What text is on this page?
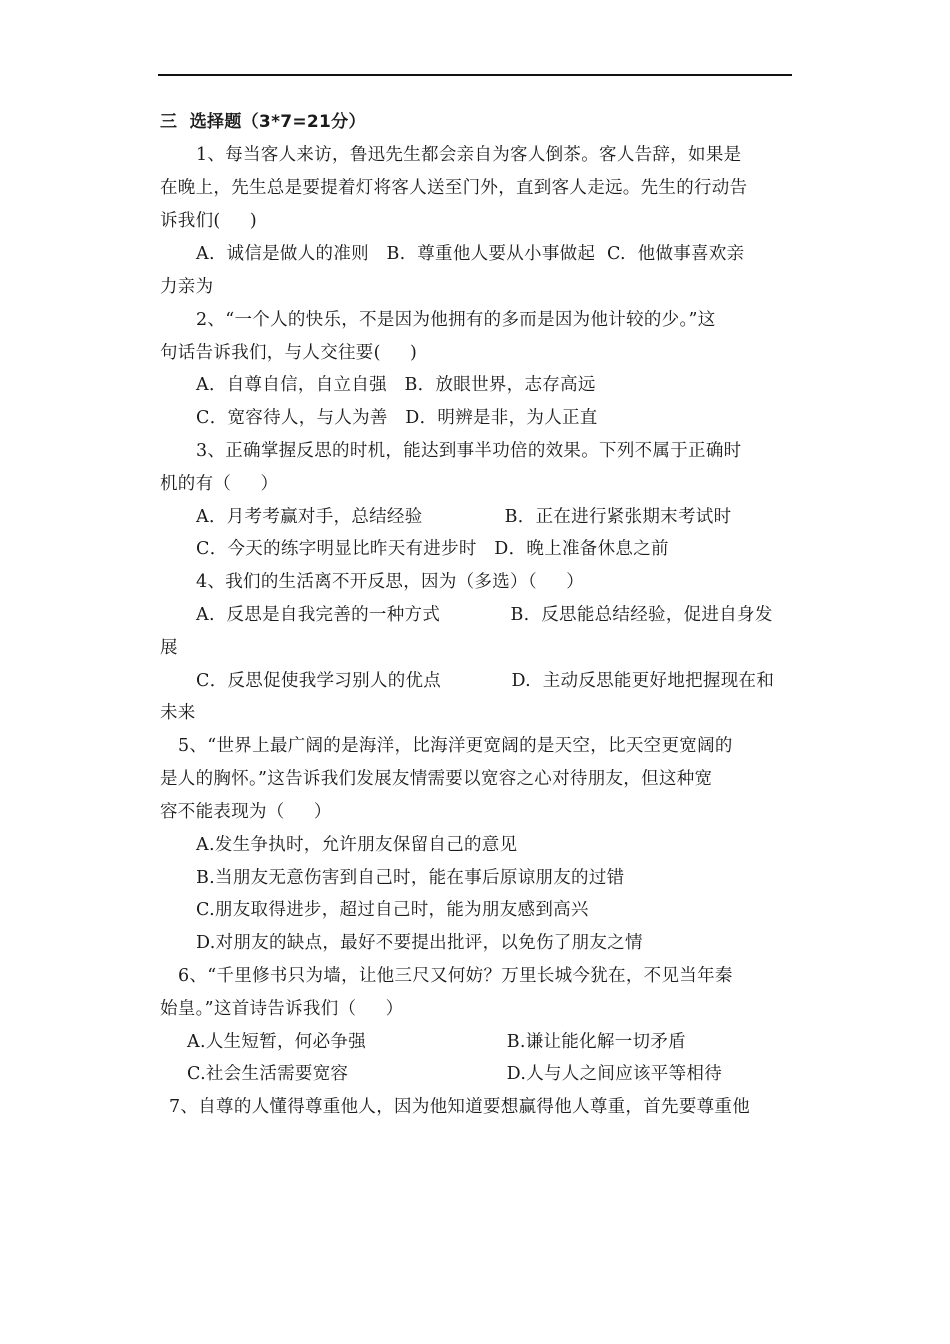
三  选择题（3*7=21分）
1、每当客人来访，鲁迅先生都会亲自为客人倒茶。客人告辞，如果是
在晚上，先生总是要提着灯将客人送至门外，直到客人走远。先生的行动告
诉我们(     )
A.  诚信是做人的准则   B.  尊重他人要从小事做起  C.  他做事喜欢亲
力亲为
2、“一个人的快乐，不是因为他拥有的多而是因为他计较的少。”这
句话告诉我们，与人交往要(     )
A．自尊自信，自立自强   B．放眼世界，志存高远
C．宽容待人，与人为善   D．明辨是非，为人正直
3、正确掌握反思的时机，能达到事半功倍的效果。下列不属于正确时
机的有（     ）
A．月考考赢对手，总结经验              B．正在进行紧张期末考试时
C．今天的练字明显比昨天有进步时   D．晚上准备休息之前
4、我们的生活离不开反思，因为（多选）（     ）
A.  反思是自我完善的一种方式            B.  反思能总结经验，促进自身发
展
C．反思促使我学习别人的优点            D.  主动反思能更好地把握现在和
未来
5、“世界上最广阔的是海洋，比海洋更宽阔的是天空，比天空更宽阔的
是人的胸怀。”这告诉我们发展友情需要以宽容之心对待朋友，但这种宽
容不能表现为（     ）
A.发生争执时，允许朋友保留自己的意见
B.当朋友无意伤害到自己时，能在事后原谅朋友的过错
C.朋友取得进步，超过自己时，能为朋友感到高兴
D.对朋友的缺点，最好不要提出批评，以免伤了朋友之情
6、“千里修书只为墙，让他三尺又何妨？万里长城今犹在，不见当年秦
始皇。”这首诗告诉我们（     ）
A.人生短暂，何必争强                        B.谦让能化解一切矛盾
C.社会生活需要宽容                           D.人与人之间应该平等相待
7、自尊的人懂得尊重他人，因为他知道要想赢得他人尊重，首先要尊重他
